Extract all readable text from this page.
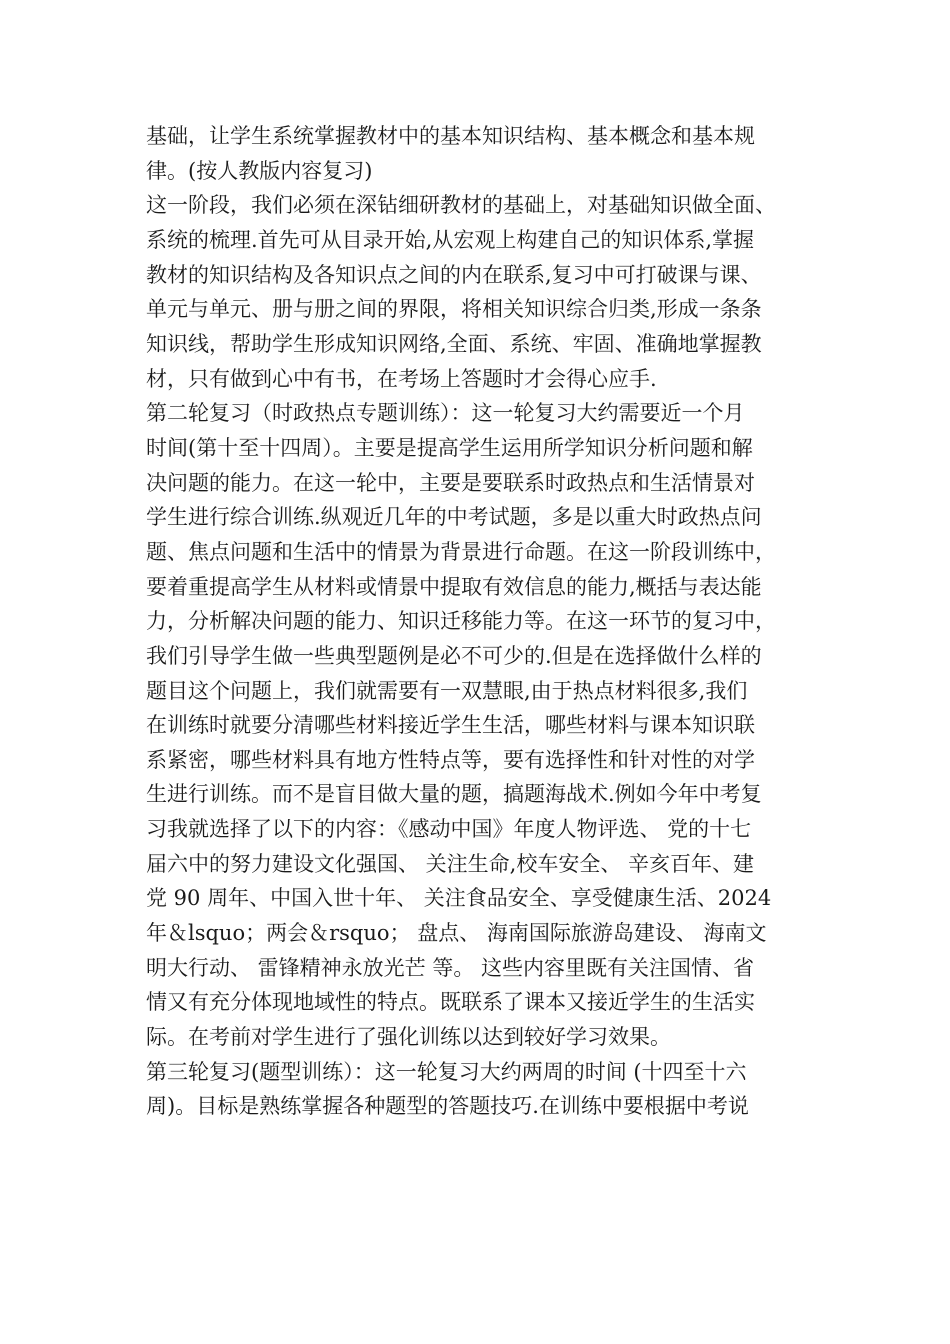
基础，让学生系统掌握教材中的基本知识结构、基本概念和基本规
律。(按人教版内容复习)
这一阶段，我们必须在深钻细研教材的基础上，对基础知识做全面、
系统的梳理.首先可从目录开始,从宏观上构建自己的知识体系,掌握
教材的知识结构及各知识点之间的内在联系,复习中可打破课与课、
单元与单元、册与册之间的界限，将相关知识综合归类,形成一条条
知识线，帮助学生形成知识网络,全面、系统、牢固、准确地掌握教
材，只有做到心中有书，在考场上答题时才会得心应手.
第二轮复习（时政热点专题训练）：这一轮复习大约需要近一个月
时间(第十至十四周）。主要是提高学生运用所学知识分析问题和解
决问题的能力。在这一轮中，主要是要联系时政热点和生活情景对
学生进行综合训练.纵观近几年的中考试题，多是以重大时政热点问
题、焦点问题和生活中的情景为背景进行命题。在这一阶段训练中，
要着重提高学生从材料或情景中提取有效信息的能力,概括与表达能
力，分析解决问题的能力、知识迁移能力等。在这一环节的复习中，
我们引导学生做一些典型题例是必不可少的.但是在选择做什么样的
题目这个问题上，我们就需要有一双慧眼,由于热点材料很多,我们
在训练时就要分清哪些材料接近学生生活，哪些材料与课本知识联
系紧密，哪些材料具有地方性特点等，要有选择性和针对性的对学
生进行训练。而不是盲目做大量的题，搞题海战术.例如今年中考复
习我就选择了以下的内容：《感动中国》年度人物评选、 党的十七
届六中的努力建设文化强国、 关注生命,校车安全、 辛亥百年、建
党 90 周年、中国入世十年、 关注食品安全、享受健康生活、2024
年＆lsquo；两会＆rsquo； 盘点、 海南国际旅游岛建设、 海南文
明大行动、 雷锋精神永放光芒 等。 这些内容里既有关注国情、省
情又有充分体现地域性的特点。既联系了课本又接近学生的生活实
际。在考前对学生进行了强化训练以达到较好学习效果。
第三轮复习(题型训练）：这一轮复习大约两周的时间 (十四至十六
周)。目标是熟练掌握各种题型的答题技巧.在训练中要根据中考说
